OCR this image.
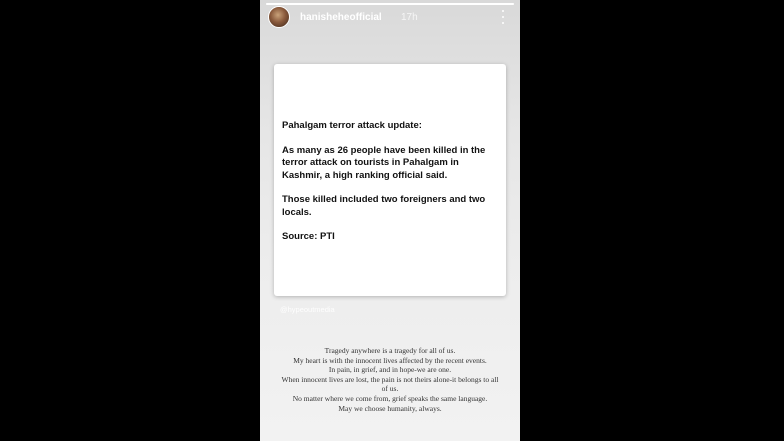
hanishehe​official 17h

Pahalgam terror attack update:

As many as 26 people have been killed in the terror attack on tourists in Pahalgam in Kashmir, a high ranking official said.

Those killed included two foreigners and two locals.

Source: PTI

@hypeoutmedia
Tragedy anywhere is a tragedy for all of us.
My heart is with the innocent lives affected by the recent events.
In pain, in grief, and in hope-we are one.
When innocent lives are lost, the pain is not theirs alone-it belongs to all
of us.
No matter where we come from, grief speaks the same language.
May we choose humanity, always.
